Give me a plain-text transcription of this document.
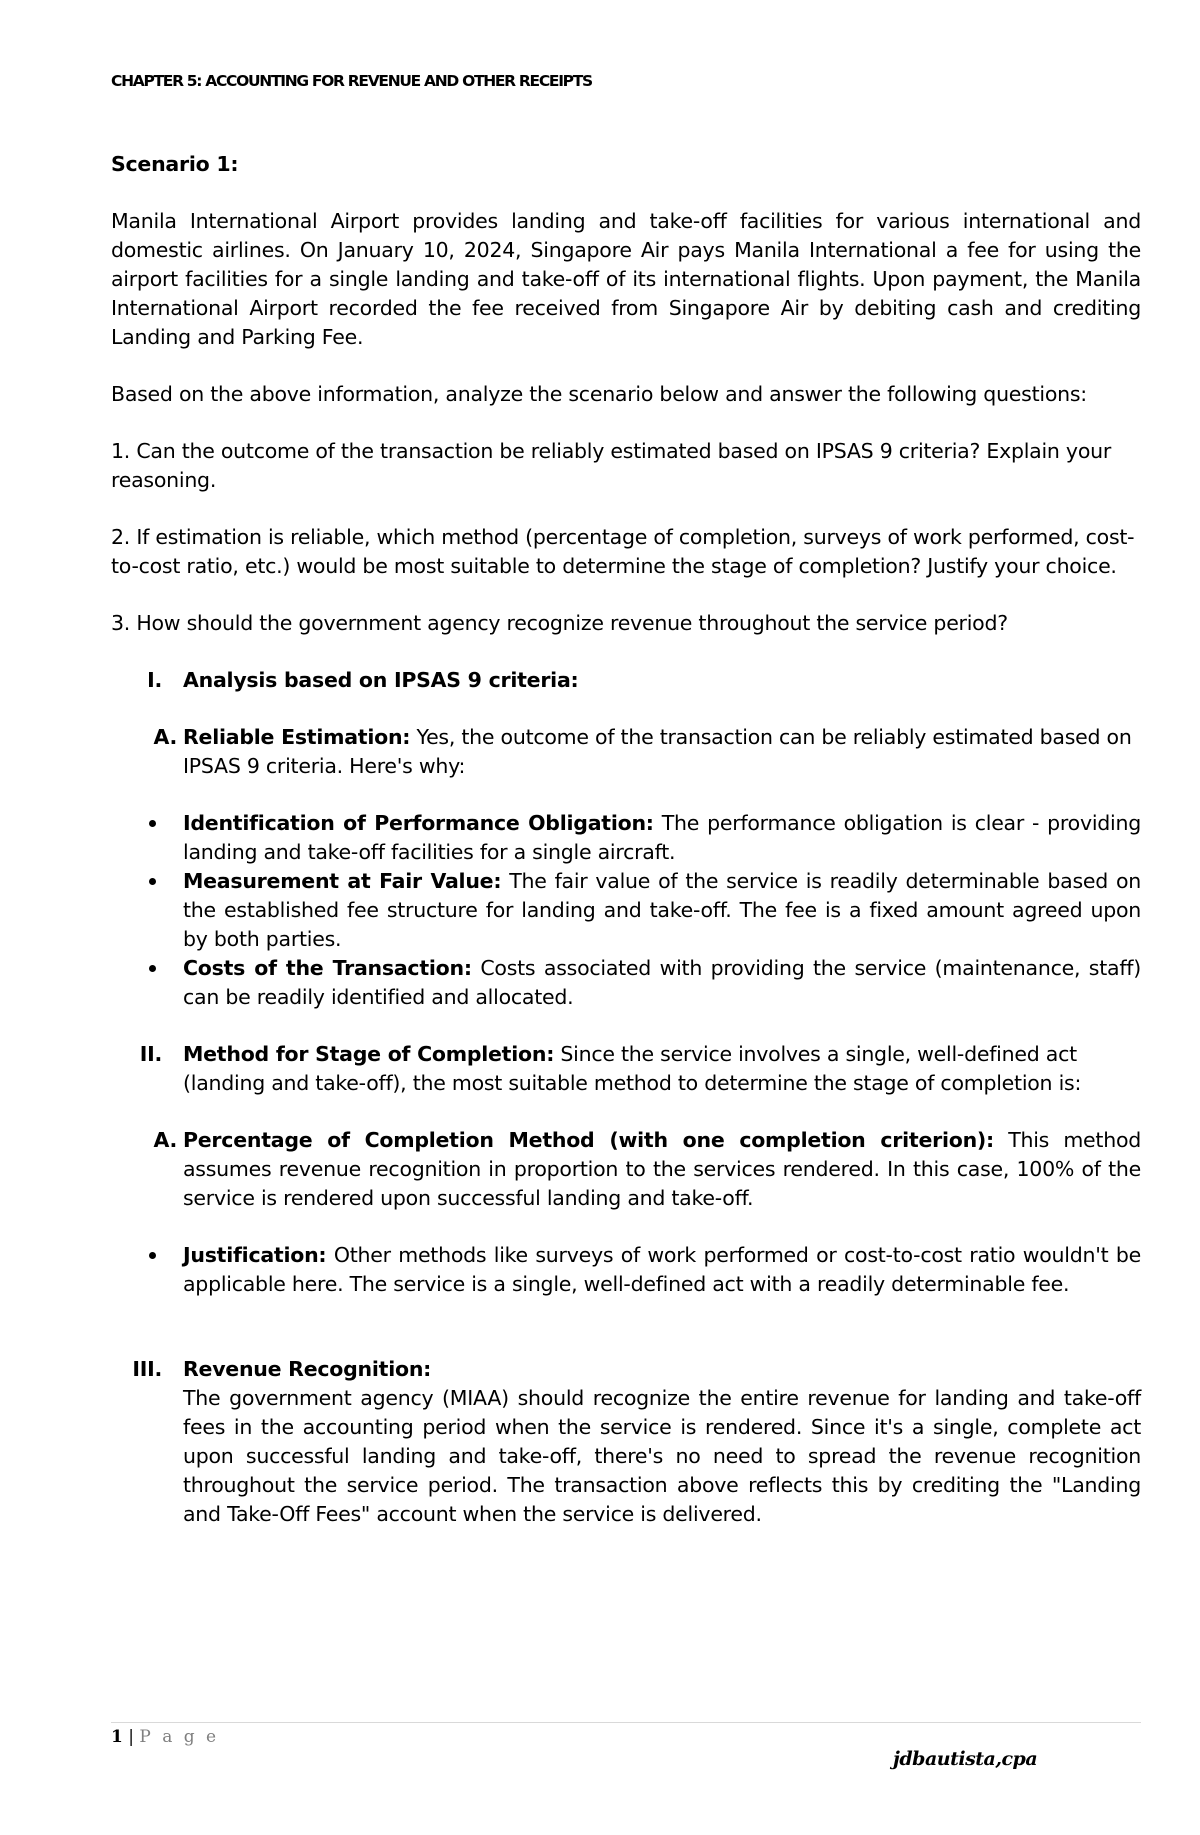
CHAPTER 5: ACCOUNTING FOR REVENUE AND OTHER RECEIPTS

Scenario 1:

Manila International Airport provides landing and take-off facilities for various international and domestic airlines. On January 10, 2024, Singapore Air pays Manila International a fee for using the airport facilities for a single landing and take-off of its international flights. Upon payment, the Manila International Airport recorded the fee received from Singapore Air by debiting cash and crediting Landing and Parking Fee.

Based on the above information, analyze the scenario below and answer the following questions:

1. Can the outcome of the transaction be reliably estimated based on IPSAS 9 criteria? Explain your reasoning.

2. If estimation is reliable, which method (percentage of completion, surveys of work performed, cost-to-cost ratio, etc.) would be most suitable to determine the stage of completion? Justify your choice.

3. How should the government agency recognize revenue throughout the service period?

I.	Analysis based on IPSAS 9 criteria:
A. Reliable Estimation: Yes, the outcome of the transaction can be reliably estimated based on IPSAS 9 criteria. Here's why:
Identification of Performance Obligation: The performance obligation is clear - providing landing and take-off facilities for a single aircraft.
Measurement at Fair Value: The fair value of the service is readily determinable based on the established fee structure for landing and take-off. The fee is a fixed amount agreed upon by both parties.
Costs of the Transaction: Costs associated with providing the service (maintenance, staff) can be readily identified and allocated.
II.	Method for Stage of Completion: Since the service involves a single, well-defined act (landing and take-off), the most suitable method to determine the stage of completion is:
A. Percentage of Completion Method (with one completion criterion): This method assumes revenue recognition in proportion to the services rendered. In this case, 100% of the service is rendered upon successful landing and take-off.
Justification: Other methods like surveys of work performed or cost-to-cost ratio wouldn't be applicable here. The service is a single, well-defined act with a readily determinable fee.
III.	Revenue Recognition:
The government agency (MIAA) should recognize the entire revenue for landing and take-off fees in the accounting period when the service is rendered. Since it's a single, complete act upon successful landing and take-off, there's no need to spread the revenue recognition throughout the service period. The transaction above reflects this by crediting the "Landing and Take-Off Fees" account when the service is delivered.
1 | P a g e
jdbautista,cpa
